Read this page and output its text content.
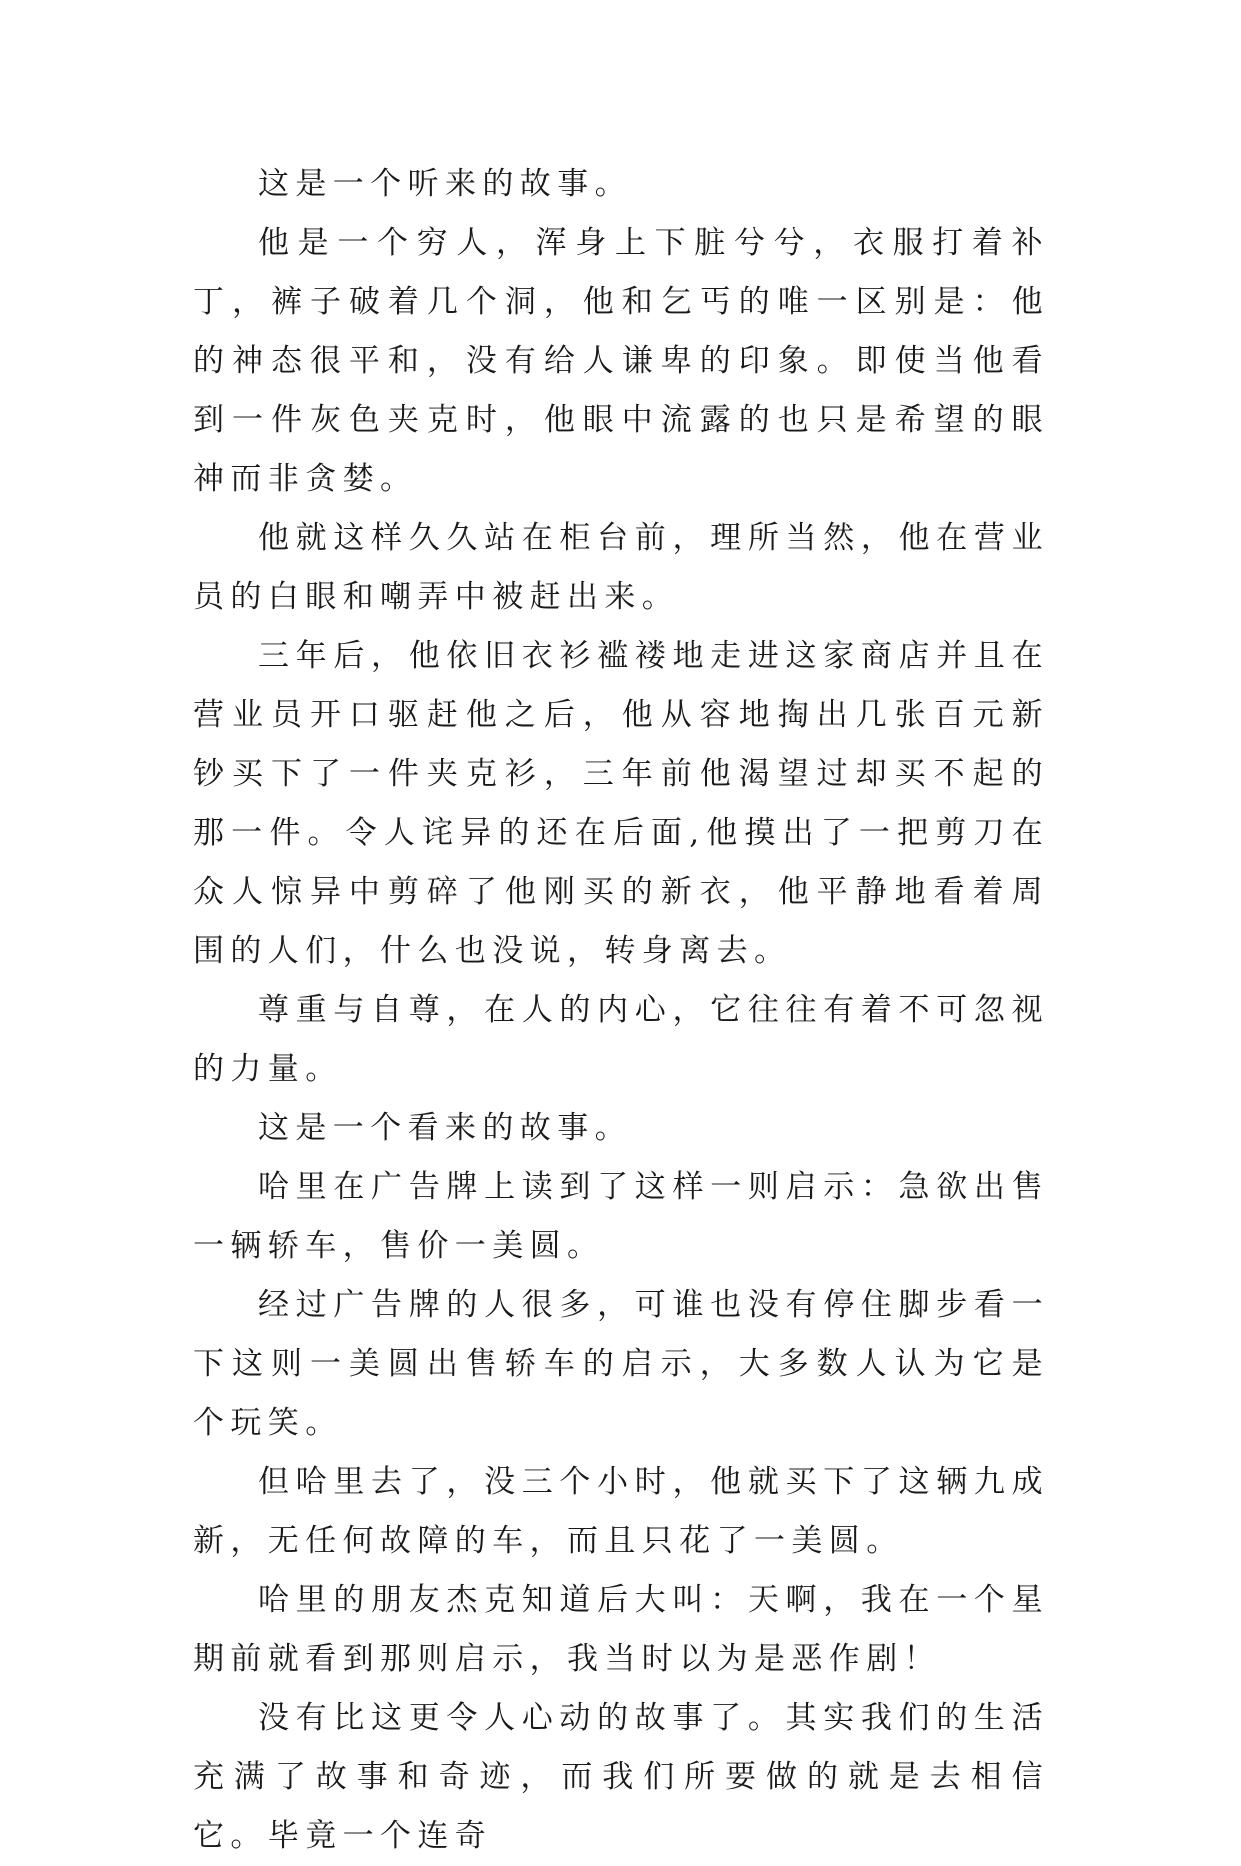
这是一个听来的故事。

他是一个穷人，浑身上下脏兮兮，衣服打着补丁，裤子破着几个洞，他和乞丐的唯一区别是：他的神态很平和，没有给人谦卑的印象。即使当他看到一件灰色夹克时，他眼中流露的也只是希望的眼神而非贪婪。

他就这样久久站在柜台前，理所当然，他在营业员的白眼和嘲弄中被赶出来。

三年后，他依旧衣衫褴褛地走进这家商店并且在营业员开口驱赶他之后，他从容地掏出几张百元新钞买下了一件夹克衫，三年前他渴望过却买不起的那一件。令人诧异的还在后面,他摸出了一把剪刀在众人惊异中剪碎了他刚买的新衣，他平静地看着周围的人们，什么也没说，转身离去。

尊重与自尊，在人的内心，它往往有着不可忽视的力量。

这是一个看来的故事。

哈里在广告牌上读到了这样一则启示：急欲出售一辆轿车，售价一美圆。

经过广告牌的人很多，可谁也没有停住脚步看一下这则一美圆出售轿车的启示，大多数人认为它是个玩笑。

但哈里去了，没三个小时，他就买下了这辆九成新，无任何故障的车，而且只花了一美圆。

哈里的朋友杰克知道后大叫：天啊，我在一个星期前就看到那则启示，我当时以为是恶作剧！

没有比这更令人心动的故事了。其实我们的生活充满了故事和奇迹，而我们所要做的就是去相信它。毕竟一个连奇
